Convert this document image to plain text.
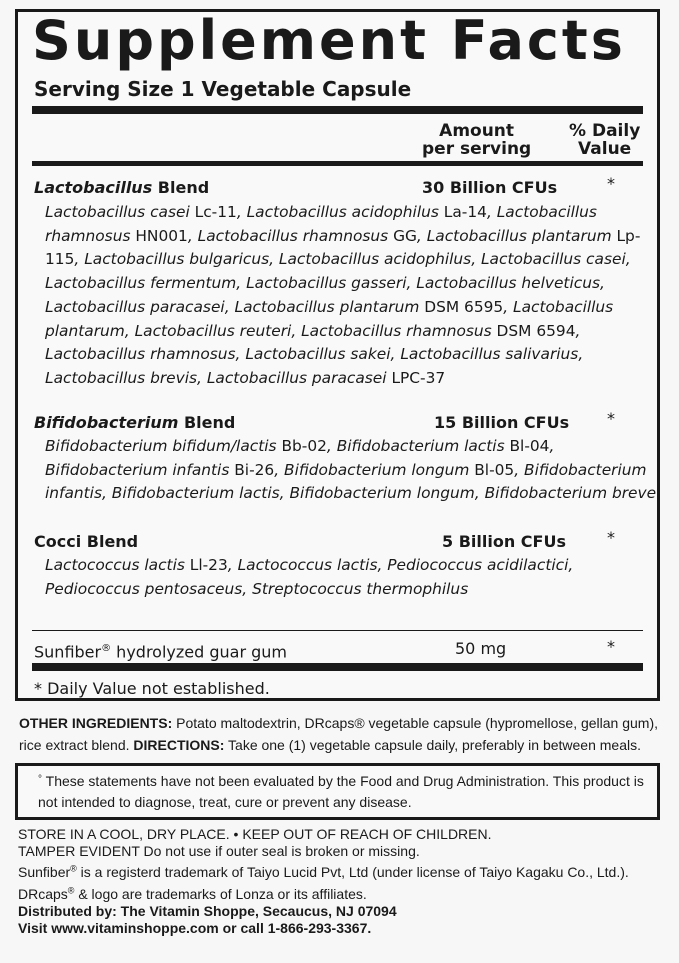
Supplement Facts
Serving Size 1 Vegetable Capsule
Amount
per serving
% Daily
Value
Lactobacillus Blend	30 Billion CFUs	*

Lactobacillus casei Lc-11, Lactobacillus acidophilus La-14, Lactobacillus rhamnosus HN001, Lactobacillus rhamnosus GG, Lactobacillus plantarum Lp-115, Lactobacillus bulgaricus, Lactobacillus acidophilus, Lactobacillus casei, Lactobacillus fermentum, Lactobacillus gasseri, Lactobacillus helveticus, Lactobacillus paracasei, Lactobacillus plantarum DSM 6595, Lactobacillus plantarum, Lactobacillus reuteri, Lactobacillus rhamnosus DSM 6594, Lactobacillus rhamnosus, Lactobacillus sakei, Lactobacillus salivarius, Lactobacillus brevis, Lactobacillus paracasei LPC-37

Bifidobacterium Blend	15 Billion CFUs *

Bifidobacterium bifidum/lactis Bb-02, Bifidobacterium lactis Bl-04, Bifidobacterium infantis Bi-26, Bifidobacterium longum Bl-05, Bifidobacterium infantis, Bifidobacterium lactis, Bifidobacterium longum, Bifidobacterium breve

Cocci Blend	5 Billion CFUs	*

Lactococcus lactis Ll-23, Lactococcus lactis, Pediococcus acidilactici, Pediococcus pentosaceus, Streptococcus thermophilus

Sunfiber® hydrolyzed guar gum	50 mg	*
* Daily Value not established.

OTHER INGREDIENTS: Potato maltodextrin, DRcaps® vegetable capsule (hypromellose, gellan gum), rice extract blend. DIRECTIONS: Take one (1) vegetable capsule daily, preferably in between meals.

° These statements have not been evaluated by the Food and Drug Administration. This product is not intended to diagnose, treat, cure or prevent any disease.

STORE IN A COOL, DRY PLACE. • KEEP OUT OF REACH OF CHILDREN.
TAMPER EVIDENT Do not use if outer seal is broken or missing.
Sunfiber® is a registerd trademark of Taiyo Lucid Pvt, Ltd (under license of Taiyo Kagaku Co., Ltd.). DRcaps® & logo are trademarks of Lonza or its affiliates.
Distributed by: The Vitamin Shoppe, Secaucus, NJ 07094
Visit www.vitaminshoppe.com or call 1-866-293-3367.
